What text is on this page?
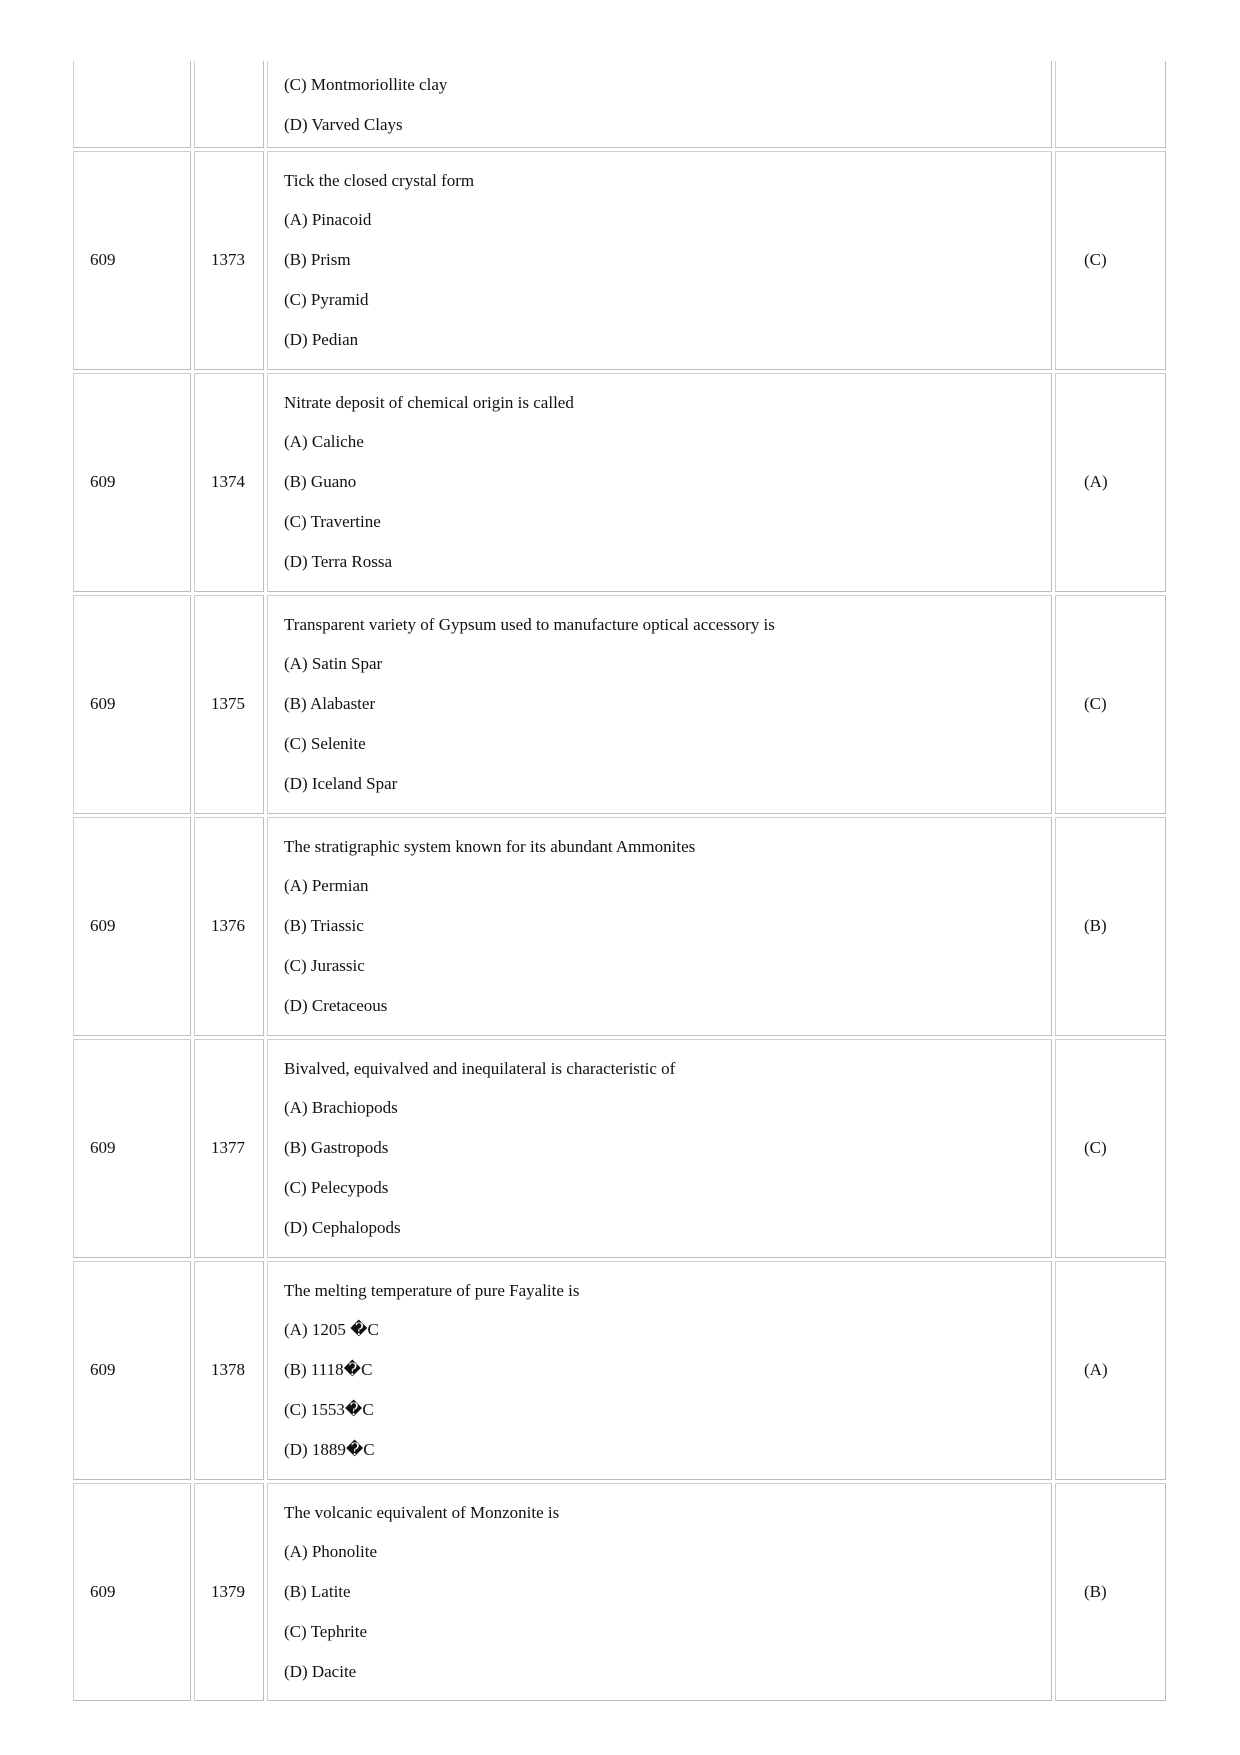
		(C) Montmoriollite clay
(D) Varved Clays	

609	1373	Tick the closed crystal form
(A) Pinacoid
(B) Prism
(C) Pyramid
(D) Pedian	(C)
609	1374	Nitrate deposit of chemical origin is called
(A) Caliche
(B) Guano
(C) Travertine
(D) Terra Rossa	(A)
609	1375	Transparent variety of Gypsum used to manufacture optical accessory is
(A) Satin Spar
(B) Alabaster
(C) Selenite
(D) Iceland Spar	(C)
609	1376	The stratigraphic system known for its abundant Ammonites
(A) Permian
(B) Triassic
(C) Jurassic
(D) Cretaceous	(B)
609	1377	Bivalved, equivalved and inequilateral is characteristic of
(A) Brachiopods
(B) Gastropods
(C) Pelecypods
(D) Cephalopods	(C)
609	1378	The melting temperature of pure Fayalite is
(A) 1205 �C
(B) 1118�C
(C) 1553�C
(D) 1889�C	(A)
609	1379	The volcanic equivalent of Monzonite is
(A) Phonolite
(B) Latite
(C) Tephrite
(D) Dacite	(B)
